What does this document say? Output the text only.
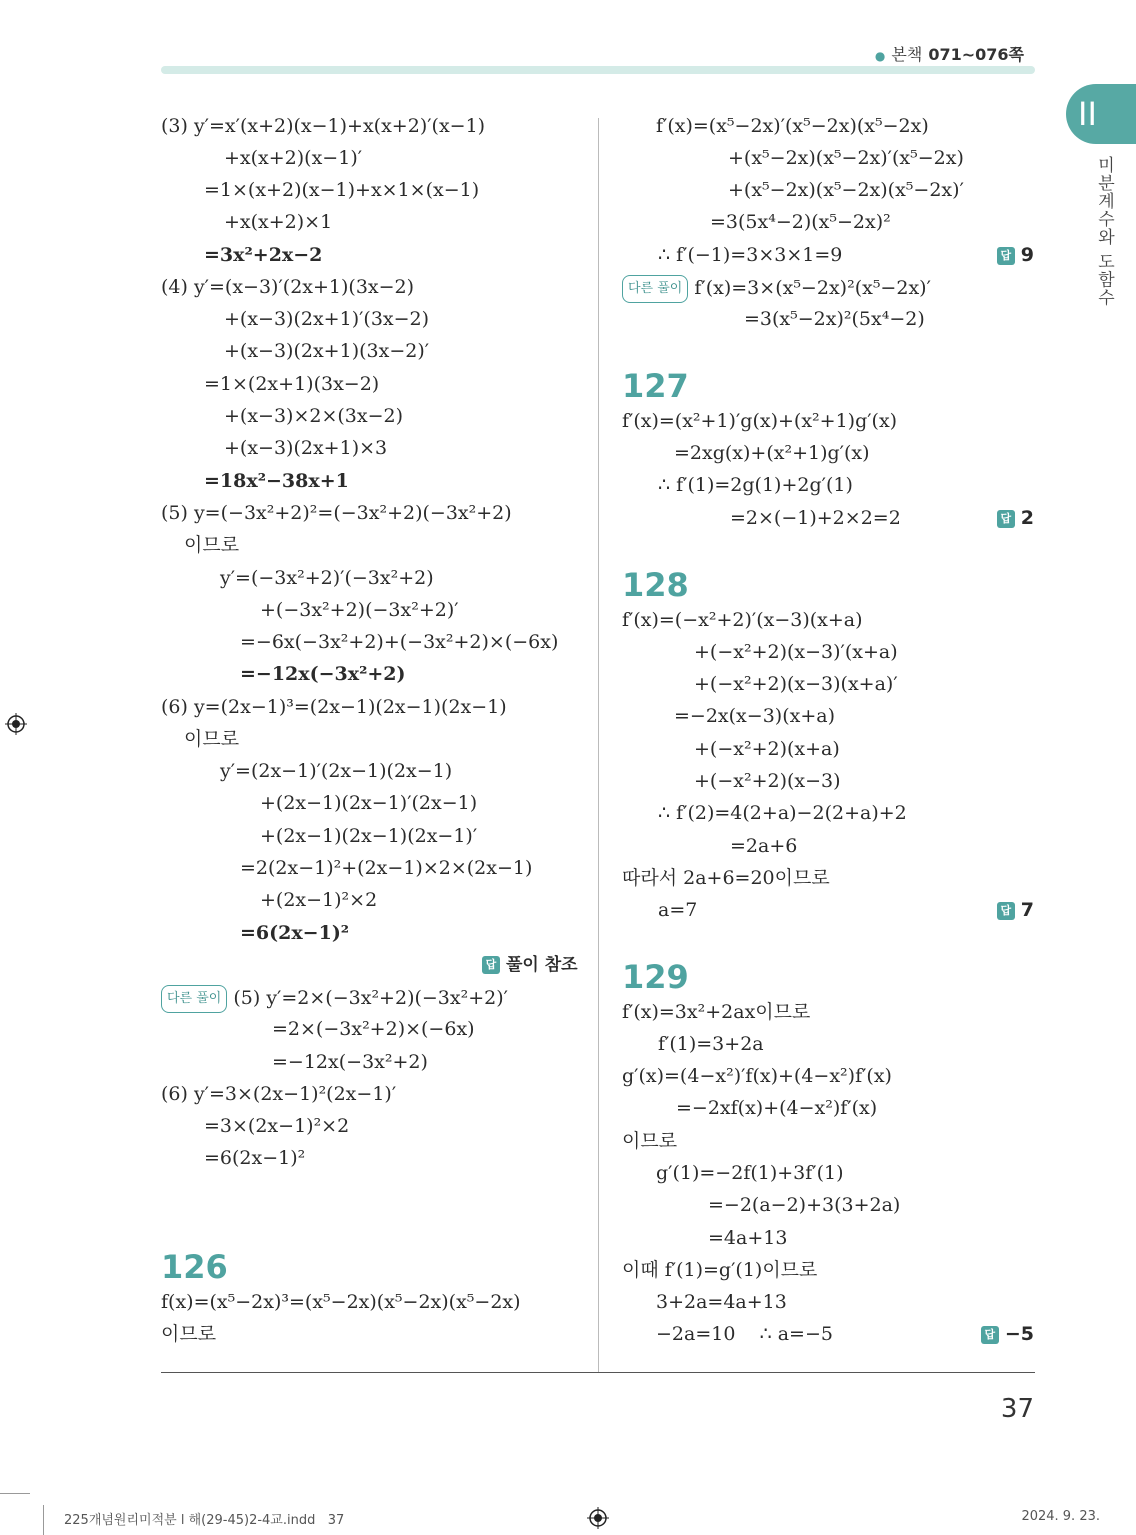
● 본책 071~076쪽
II
미분계수와 도함수
(3) y′=x′(x+2)(x−1)+x(x+2)′(x−1)
+x(x+2)(x−1)′
=1×(x+2)(x−1)+x×1×(x−1)
+x(x+2)×1
=3x²+2x−2
(4) y′=(x−3)′(2x+1)(3x−2)
+(x−3)(2x+1)′(3x−2)
+(x−3)(2x+1)(3x−2)′
=1×(2x+1)(3x−2)
+(x−3)×2×(3x−2)
+(x−3)(2x+1)×3
=18x²−38x+1
(5) y=(−3x²+2)²=(−3x²+2)(−3x²+2)
이므로
y′=(−3x²+2)′(−3x²+2)
+(−3x²+2)(−3x²+2)′
=−6x(−3x²+2)+(−3x²+2)×(−6x)
=−12x(−3x²+2)
(6) y=(2x−1)³=(2x−1)(2x−1)(2x−1)
이므로
y′=(2x−1)′(2x−1)(2x−1)
+(2x−1)(2x−1)′(2x−1)
+(2x−1)(2x−1)(2x−1)′
=2(2x−1)²+(2x−1)×2×(2x−1)
+(2x−1)²×2
=6(2x−1)²
답 풀이 참조
다른 풀이 (5) y′=2×(−3x²+2)(−3x²+2)′
=2×(−3x²+2)×(−6x)
=−12x(−3x²+2)
(6) y′=3×(2x−1)²(2x−1)′
=3×(2x−1)²×2
=6(2x−1)²
126
f(x)=(x⁵−2x)³=(x⁵−2x)(x⁵−2x)(x⁵−2x)
이므로
f′(x)=(x⁵−2x)′(x⁵−2x)(x⁵−2x)
+(x⁵−2x)(x⁵−2x)′(x⁵−2x)
+(x⁵−2x)(x⁵−2x)(x⁵−2x)′
=3(5x⁴−2)(x⁵−2x)²
∴ f′(−1)=3×3×1=9	답 9
다른 풀이 f′(x)=3×(x⁵−2x)²(x⁵−2x)′
=3(x⁵−2x)²(5x⁴−2)
127
f′(x)=(x²+1)′g(x)+(x²+1)g′(x)
=2xg(x)+(x²+1)g′(x)
∴ f′(1)=2g(1)+2g′(1)
=2×(−1)+2×2=2	답 2
128
f′(x)=(−x²+2)′(x−3)(x+a)
+(−x²+2)(x−3)′(x+a)
+(−x²+2)(x−3)(x+a)′
=−2x(x−3)(x+a)
+(−x²+2)(x+a)
+(−x²+2)(x−3)
∴ f′(2)=4(2+a)−2(2+a)+2
=2a+6
따라서 2a+6=20이므로
a=7	답 7
129
f′(x)=3x²+2ax이므로
f′(1)=3+2a
g′(x)=(4−x²)′f(x)+(4−x²)f′(x)
=−2xf(x)+(4−x²)f′(x)
이므로
g′(1)=−2f(1)+3f′(1)
=−2(a−2)+3(3+2a)
=4a+13
이때 f′(1)=g′(1)이므로
3+2a=4a+13
−2a=10    ∴ a=−5	답 −5
37
225개념원리미적분 l 해(29-45)2-4교.indd   37	2024. 9. 23.
